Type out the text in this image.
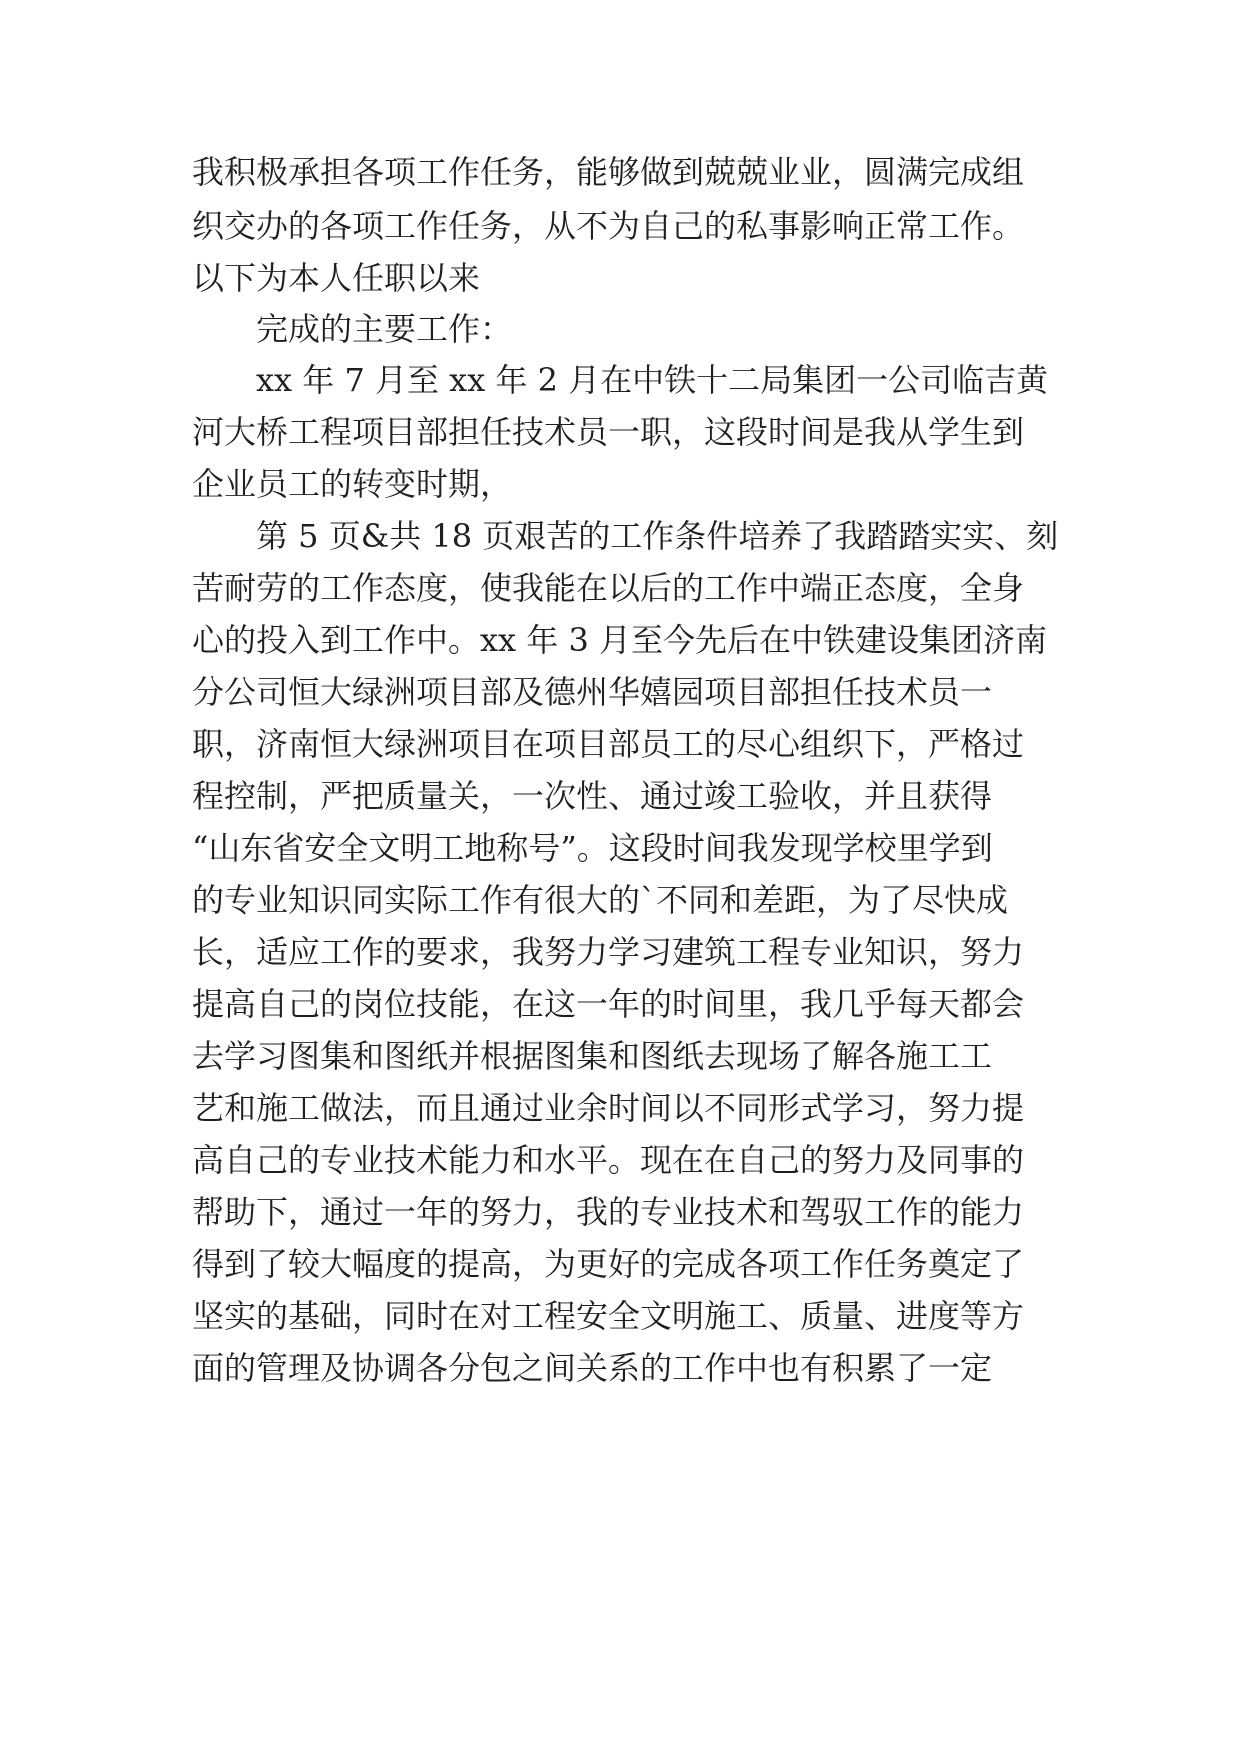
我积极承担各项工作任务，能够做到兢兢业业，圆满完成组

织交办的各项工作任务，从不为自己的私事影响正常工作。

以下为本人任职以来

完成的主要工作：

xx 年 7 月至 xx 年 2 月在中铁十二局集团一公司临吉黄

河大桥工程项目部担任技术员一职，这段时间是我从学生到

企业员工的转变时期，

第 5 页&共 18 页艰苦的工作条件培养了我踏踏实实、刻

苦耐劳的工作态度，使我能在以后的工作中端正态度，全身

心的投入到工作中。xx 年 3 月至今先后在中铁建设集团济南

分公司恒大绿洲项目部及德州华嬉园项目部担任技术员一

职，济南恒大绿洲项目在项目部员工的尽心组织下，严格过

程控制，严把质量关，一次性、通过竣工验收，并且获得

“山东省安全文明工地称号”。这段时间我发现学校里学到

的专业知识同实际工作有很大的`不同和差距，为了尽快成

长，适应工作的要求，我努力学习建筑工程专业知识，努力

提高自己的岗位技能，在这一年的时间里，我几乎每天都会

去学习图集和图纸并根据图集和图纸去现场了解各施工工

艺和施工做法，而且通过业余时间以不同形式学习，努力提

高自己的专业技术能力和水平。现在在自己的努力及同事的

帮助下，通过一年的努力，我的专业技术和驾驭工作的能力

得到了较大幅度的提高，为更好的完成各项工作任务奠定了

坚实的基础，同时在对工程安全文明施工、质量、进度等方

面的管理及协调各分包之间关系的工作中也有积累了一定
